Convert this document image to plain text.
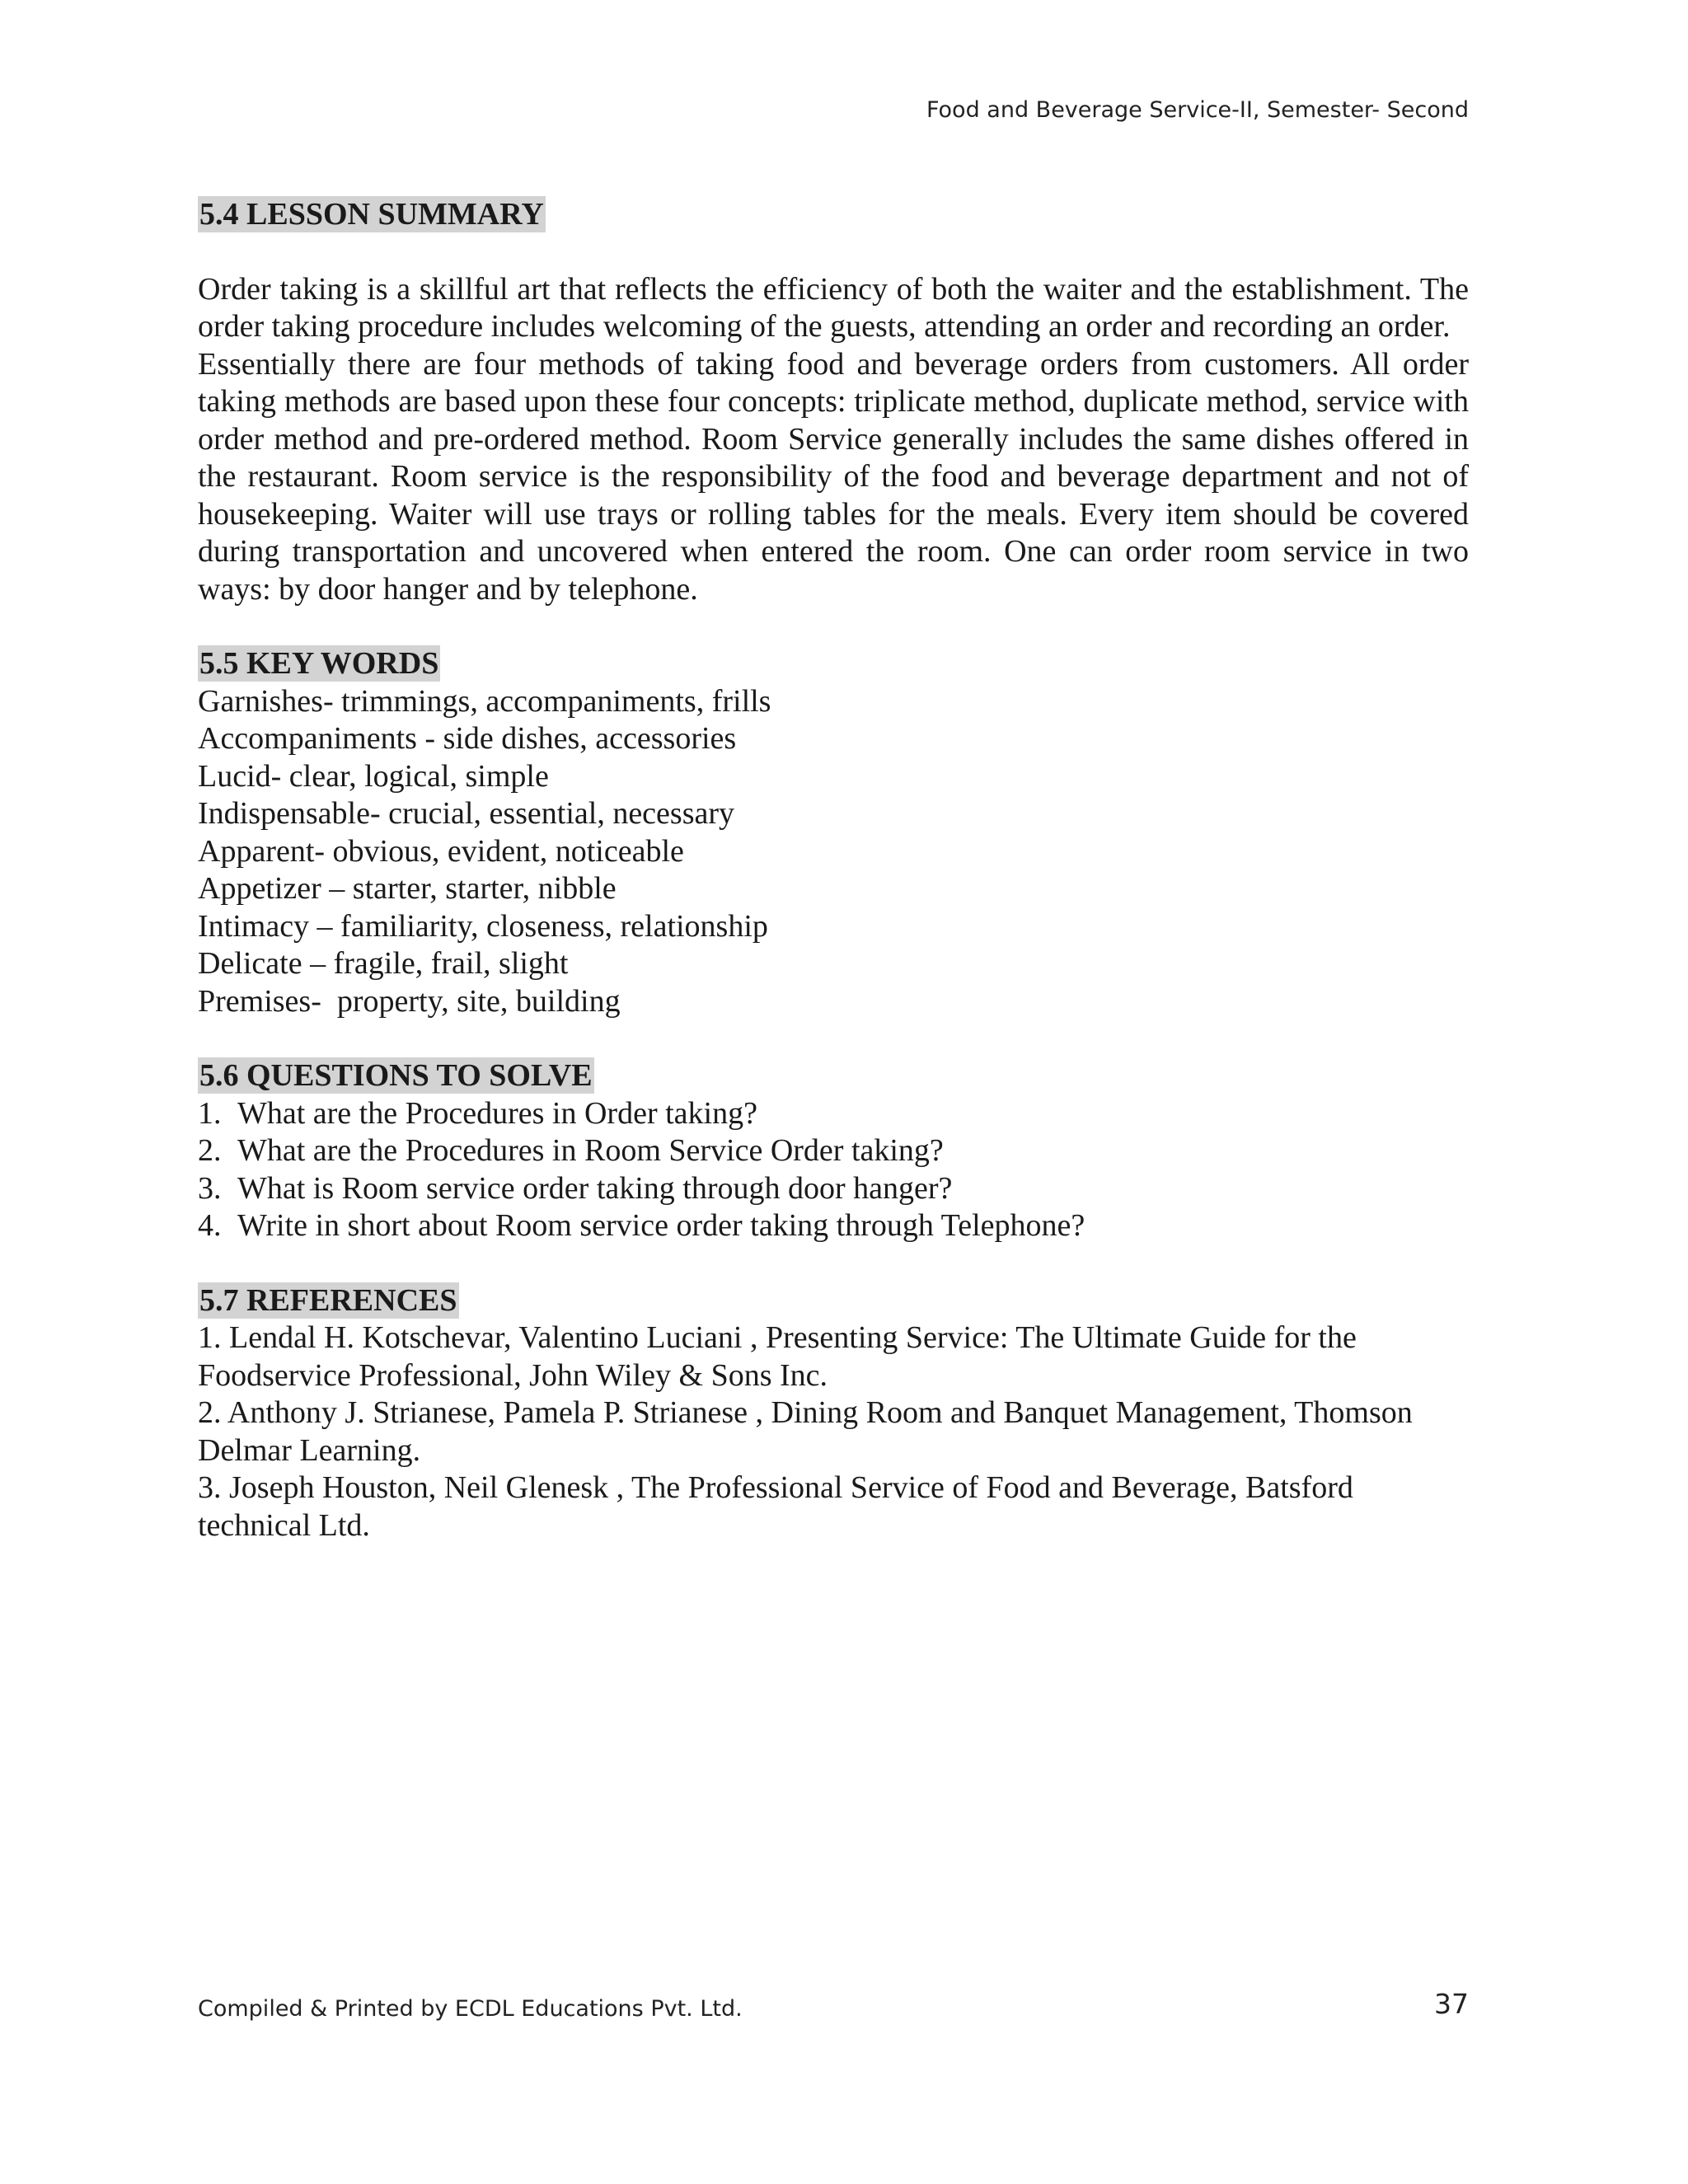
Food and Beverage Service-II, Semester- Second
5.4 LESSON SUMMARY

Order taking is a skillful art that reflects the efficiency of both the waiter and the establishment. The order taking procedure includes welcoming of the guests, attending an order and recording an order.

Essentially there are four methods of taking food and beverage orders from customers. All order taking methods are based upon these four concepts: triplicate method, duplicate method, service with order method and pre-ordered method. Room Service generally includes the same dishes offered in the restaurant. Room service is the responsibility of the food and beverage department and not of housekeeping. Waiter will use trays or rolling tables for the meals. Every item should be covered during transportation and uncovered when entered the room. One can order room service in two ways: by door hanger and by telephone.

5.5 KEY WORDS

Garnishes- trimmings, accompaniments, frills

Accompaniments - side dishes, accessories

Lucid- clear, logical, simple

Indispensable- crucial, essential, necessary

Apparent- obvious, evident, noticeable

Appetizer – starter, starter, nibble

Intimacy – familiarity, closeness, relationship

Delicate – fragile, frail, slight

Premises-  property, site, building

5.6 QUESTIONS TO SOLVE

1. What are the Procedures in Order taking?

2. What are the Procedures in Room Service Order taking?

3. What is Room service order taking through door hanger?

4. Write in short about Room service order taking through Telephone?

5.7 REFERENCES

1. Lendal H. Kotschevar, Valentino Luciani , Presenting Service: The Ultimate Guide for the Foodservice Professional, John Wiley & Sons Inc.

2. Anthony J. Strianese, Pamela P. Strianese , Dining Room and Banquet Management, Thomson Delmar Learning.

3. Joseph Houston, Neil Glenesk , The Professional Service of Food and Beverage, Batsford technical Ltd.

Compiled & Printed by ECDL Educations Pvt. Ltd.	37
